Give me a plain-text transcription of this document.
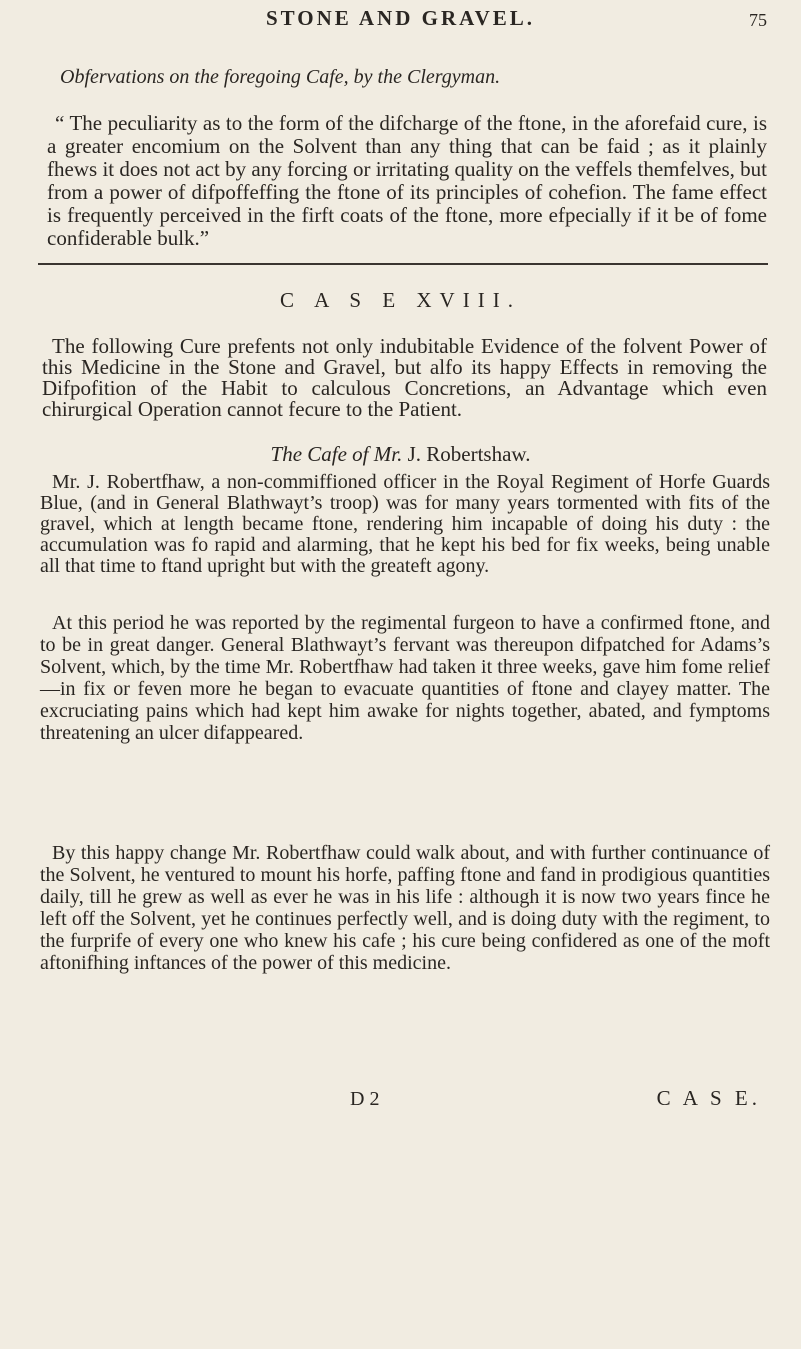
STONE AND GRAVEL.	75
Obfervations on the foregoing Cafe, by the Clergyman.

“ The peculiarity as to the form of the difcharge of the ftone, in the aforefaid cure, is a greater encomium on the Solvent than any thing that can be faid ; as it plainly fhews it does not act by any forcing or irritating quality on the veffels themfelves, but from a power of difpoffeffing the ftone of its principles of cohefion. The fame effect is frequently perceived in the firft coats of the ftone, more efpecially if it be of fome confiderable bulk.”

C A S E XVIII.

The following Cure prefents not only indubitable Evidence of the folvent Power of this Medicine in the Stone and Gravel, but alfo its happy Effects in removing the Difpofition of the Habit to calculous Concretions, an Advantage which even chirurgical Operation cannot fecure to the Patient.

The Cafe of Mr. J. Robertshaw.

Mr. J. Robertfhaw, a non-commiffioned officer in the Royal Regiment of Horfe Guards Blue, (and in General Blathwayt’s troop) was for many years tormented with fits of the gravel, which at length became ftone, rendering him incapable of doing his duty : the accumulation was fo rapid and alarming, that he kept his bed for fix weeks, being unable all that time to ftand upright but with the greateft agony.

At this period he was reported by the regimental furgeon to have a confirmed ftone, and to be in great danger. General Blathwayt’s fervant was thereupon difpatched for Adams’s Solvent, which, by the time Mr. Robertfhaw had taken it three weeks, gave him fome relief—in fix or feven more he began to evacuate quantities of ftone and clayey matter. The excruciating pains which had kept him awake for nights together, abated, and fymptoms threatening an ulcer difappeared.

By this happy change Mr. Robertfhaw could walk about, and with further continuance of the Solvent, he ventured to mount his horfe, paffing ftone and fand in prodigious quantities daily, till he grew as well as ever he was in his life : although it is now two years fince he left off the Solvent, yet he continues perfectly well, and is doing duty with the regiment, to the furprife of every one who knew his cafe ; his cure being confidered as one of the moft aftonifhing inftances of the power of this medicine.

D 2	C A S E.
